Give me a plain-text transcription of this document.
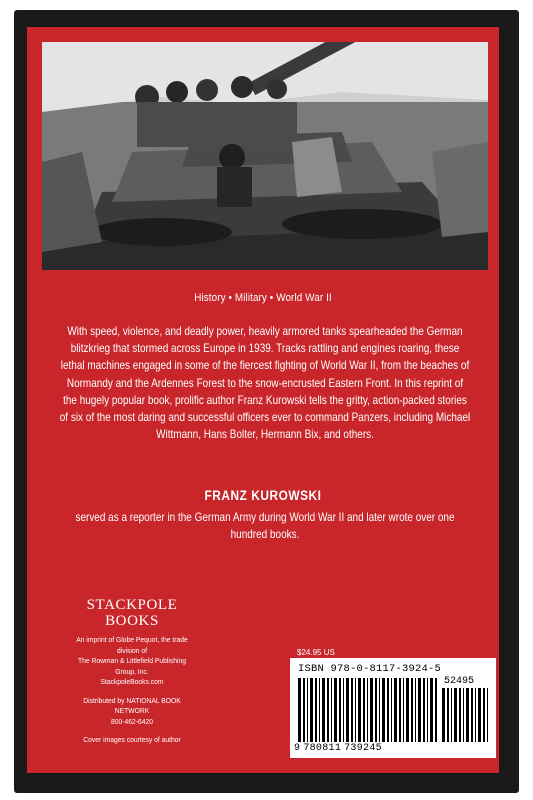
History • Military • World War II
With speed, violence, and deadly power, heavily armored tanks spearheaded the German blitzkrieg that stormed across Europe in 1939. Tracks rattling and engines roaring, these lethal machines engaged in some of the fiercest fighting of World War II, from the beaches of Normandy and the Ardennes Forest to the snow-encrusted Eastern Front. In this reprint of the hugely popular book, prolific author Franz Kurowski tells the gritty, action-packed stories of six of the most daring and successful officers ever to command Panzers, including Michael Wittmann, Hans Bolter, Hermann Bix, and others.
FRANZ KUROWSKI
served as a reporter in the German Army during World War II and later wrote over one hundred books.
STACKPOLE
BOOKS
An imprint of Globe Pequot, the trade division of
The Rowman & Littlefield Publishing Group, Inc.
StackpoleBooks.com
Distributed by NATIONAL BOOK NETWORK
800-462-6420
Cover images courtesy of author
$24.95 US
ISBN 978-0-8117-3924-5
52495
9 780811 739245
